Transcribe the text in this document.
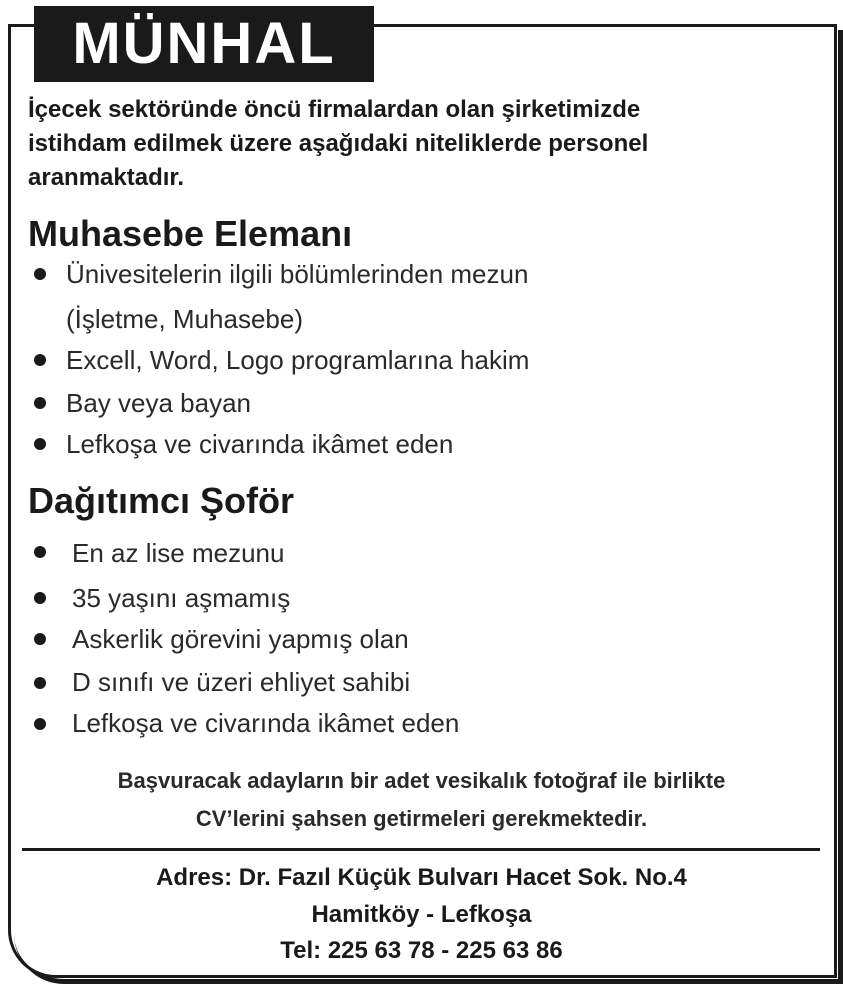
MÜNHAL

İçecek sektöründe öncü firmalardan olan şirketimizde
istihdam edilmek üzere aşağıdaki niteliklerde personel
aranmaktadır.

Muhasebe Elemanı
Ünivesitelerin ilgili bölümlerinden mezun
(İşletme, Muhasebe)
Excell, Word, Logo programlarına hakim
Bay veya bayan
Lefkoşa ve civarında ikâmet eden
Dağıtımcı Şoför
En az lise mezunu
35 yaşını aşmamış
Askerlik görevini yapmış olan
D sınıfı ve üzeri ehliyet sahibi
Lefkoşa ve civarında ikâmet eden

Başvuracak adayların bir adet vesikalık fotoğraf ile birlikte
CV’lerini şahsen getirmeleri gerekmektedir.

Adres: Dr. Fazıl Küçük Bulvarı Hacet Sok. No.4

Hamitköy - Lefkoşa

Tel: 225 63 78 - 225 63 86
